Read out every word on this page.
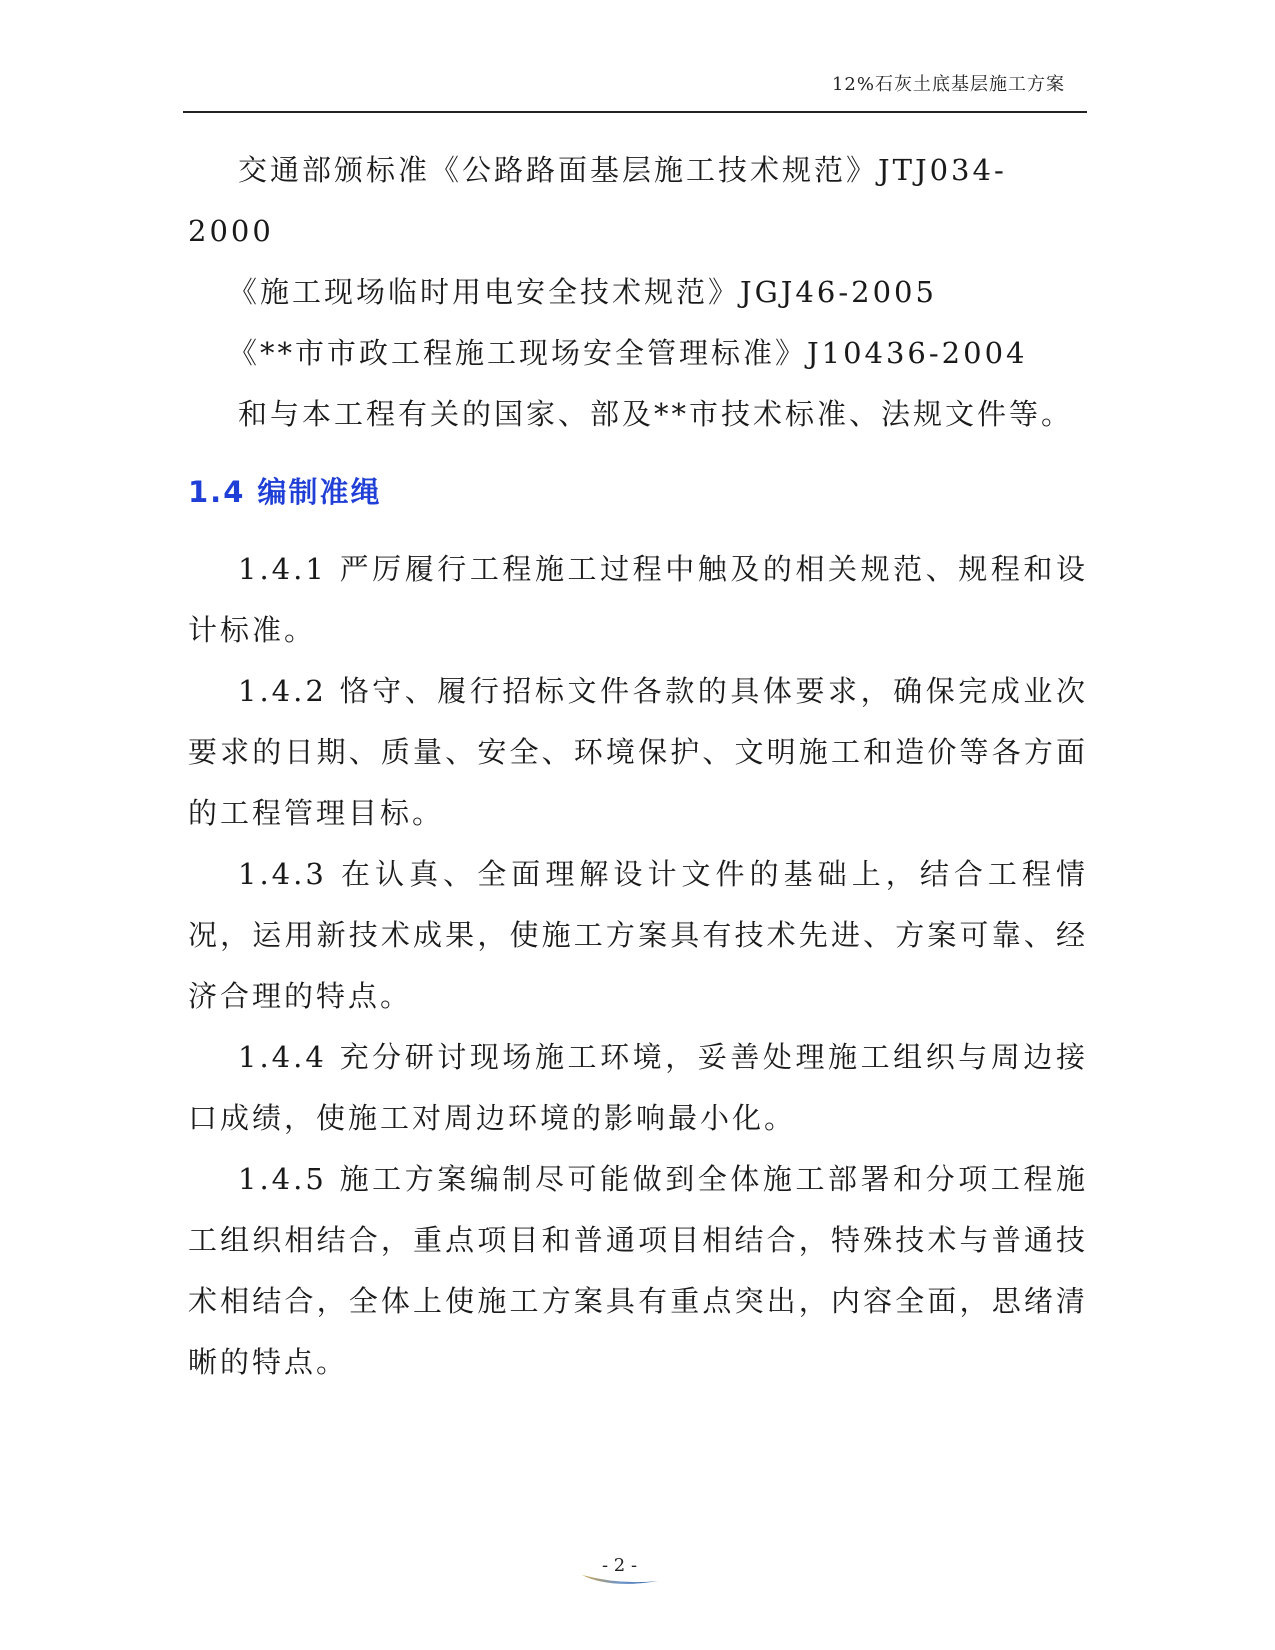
12%石灰土底基层施工方案

交通部颁标准《公路路面基层施工技术规范》JTJ034-2000

《施工现场临时用电安全技术规范》JGJ46-2005

《**市市政工程施工现场安全管理标准》J10436-2004

和与本工程有关的国家、部及**市技术标准、法规文件等。

1.4 编制准绳

1.4.1 严厉履行工程施工过程中触及的相关规范、规程和设计标准。

1.4.2 恪守、履行招标文件各款的具体要求，确保完成业次要求的日期、质量、安全、环境保护、文明施工和造价等各方面的工程管理目标。

1.4.3 在认真、全面理解设计文件的基础上，结合工程情况，运用新技术成果，使施工方案具有技术先进、方案可靠、经济合理的特点。

1.4.4 充分研讨现场施工环境，妥善处理施工组织与周边接口成绩，使施工对周边环境的影响最小化。

1.4.5 施工方案编制尽可能做到全体施工部署和分项工程施工组织相结合，重点项目和普通项目相结合，特殊技术与普通技术相结合，全体上使施工方案具有重点突出，内容全面，思绪清晰的特点。

- 2 -
